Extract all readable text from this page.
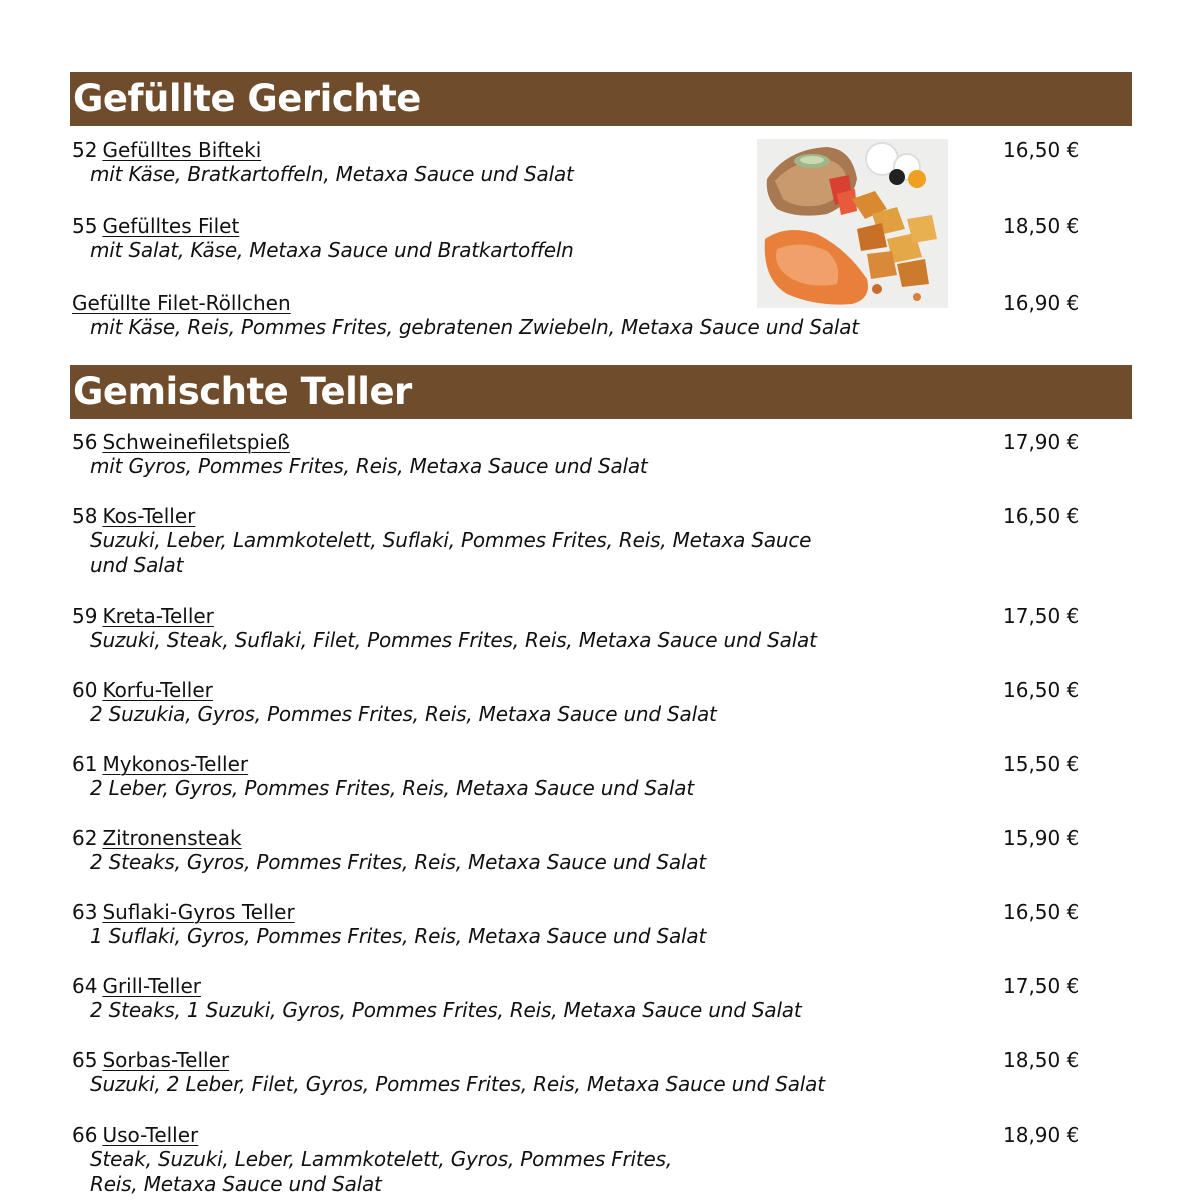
Gefüllte Gerichte
52 Gefülltes Bifteki	16,50 €
mit Käse, Bratkartoffeln, Metaxa Sauce und Salat
55 Gefülltes Filet	18,50 €
mit Salat, Käse, Metaxa Sauce und Bratkartoffeln
Gefüllte Filet-Röllchen	16,90 €
mit Käse, Reis, Pommes Frites, gebratenen Zwiebeln, Metaxa Sauce und Salat
Gemischte Teller
56 Schweinefiletspieß	17,90 €
mit Gyros, Pommes Frites, Reis, Metaxa Sauce und Salat
58 Kos-Teller	16,50 €
Suzuki, Leber, Lammkotelett, Suflaki, Pommes Frites, Reis, Metaxa Sauce und Salat
59 Kreta-Teller	17,50 €
Suzuki, Steak, Suflaki, Filet, Pommes Frites, Reis, Metaxa Sauce und Salat
60 Korfu-Teller	16,50 €
2 Suzukia, Gyros, Pommes Frites, Reis, Metaxa Sauce und Salat
61 Mykonos-Teller	15,50 €
2 Leber, Gyros, Pommes Frites, Reis, Metaxa Sauce und Salat
62 Zitronensteak	15,90 €
2 Steaks, Gyros, Pommes Frites, Reis, Metaxa Sauce und Salat
63 Suflaki-Gyros Teller	16,50 €
1 Suflaki, Gyros, Pommes Frites, Reis, Metaxa Sauce und Salat
64 Grill-Teller	17,50 €
2 Steaks, 1 Suzuki, Gyros, Pommes Frites, Reis, Metaxa Sauce und Salat
65 Sorbas-Teller	18,50 €
Suzuki, 2 Leber, Filet, Gyros, Pommes Frites, Reis, Metaxa Sauce und Salat
66 Uso-Teller	18,90 €
Steak, Suzuki, Leber, Lammkotelett, Gyros, Pommes Frites, Reis, Metaxa Sauce und Salat
